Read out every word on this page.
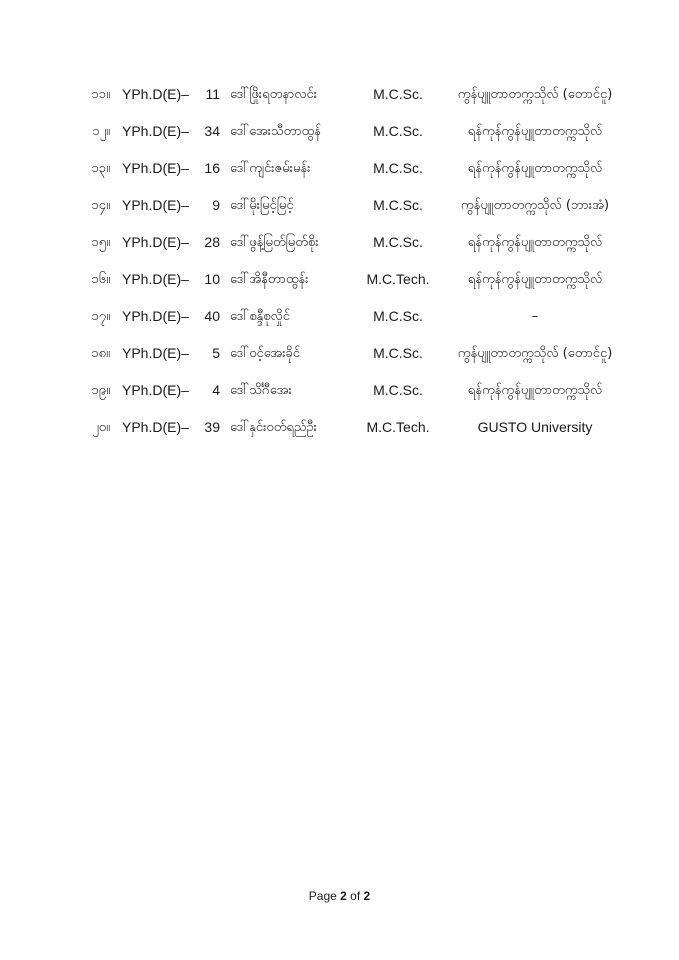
၁၁။ YPh.D(E)–	11 ဒေါ်ဖြိုးရတနာလင်း	M.C.Sc.	ကွန်ပျူတာတက္ကသိုလ် (တောင်ငူ)
၁၂။ YPh.D(E)–	34 ဒေါ်အေးသီတာထွန်	M.C.Sc.	ရန်ကုန်ကွန်ပျူတာတက္ကသိုလ်
၁၃။ YPh.D(E)–	16 ဒေါ်ကျင်းဇမ်းမန်း	M.C.Sc.	ရန်ကုန်ကွန်ပျူတာတက္ကသိုလ်
၁၄။ YPh.D(E)–	9 ဒေါ်မိုးမြင့်မြင့်	M.C.Sc.	ကွန်ပျူတာတက္ကသိုလ် (ဘားအံ)
၁၅။ YPh.D(E)–	28 ဒေါ်ဖွန့်မြတ်မြတ်စိုး	M.C.Sc.	ရန်ကုန်ကွန်ပျူတာတက္ကသိုလ်
၁၆။ YPh.D(E)–	10 ဒေါ်အိနီတာထွန်း	M.C.Tech.	ရန်ကုန်ကွန်ပျူတာတက္ကသိုလ်
၁၇။ YPh.D(E)–	40 ဒေါ်စန္ဒီစုလှိုင်	M.C.Sc.	–
၁၈။ YPh.D(E)–	5 ဒေါ်ဝင့်အေးခိုင်	M.C.Sc.	ကွန်ပျူတာတက္ကသိုလ် (တောင်ငူ)
၁၉။ YPh.D(E)–	4 ဒေါ်သိင်္ဂီအေး	M.C.Sc.	ရန်ကုန်ကွန်ပျူတာတက္ကသိုလ်
၂၀။ YPh.D(E)–	39 ဒေါ်နှင်းဝတ်ရည်ဦး	M.C.Tech.	GUSTO University
Page 2 of 2
